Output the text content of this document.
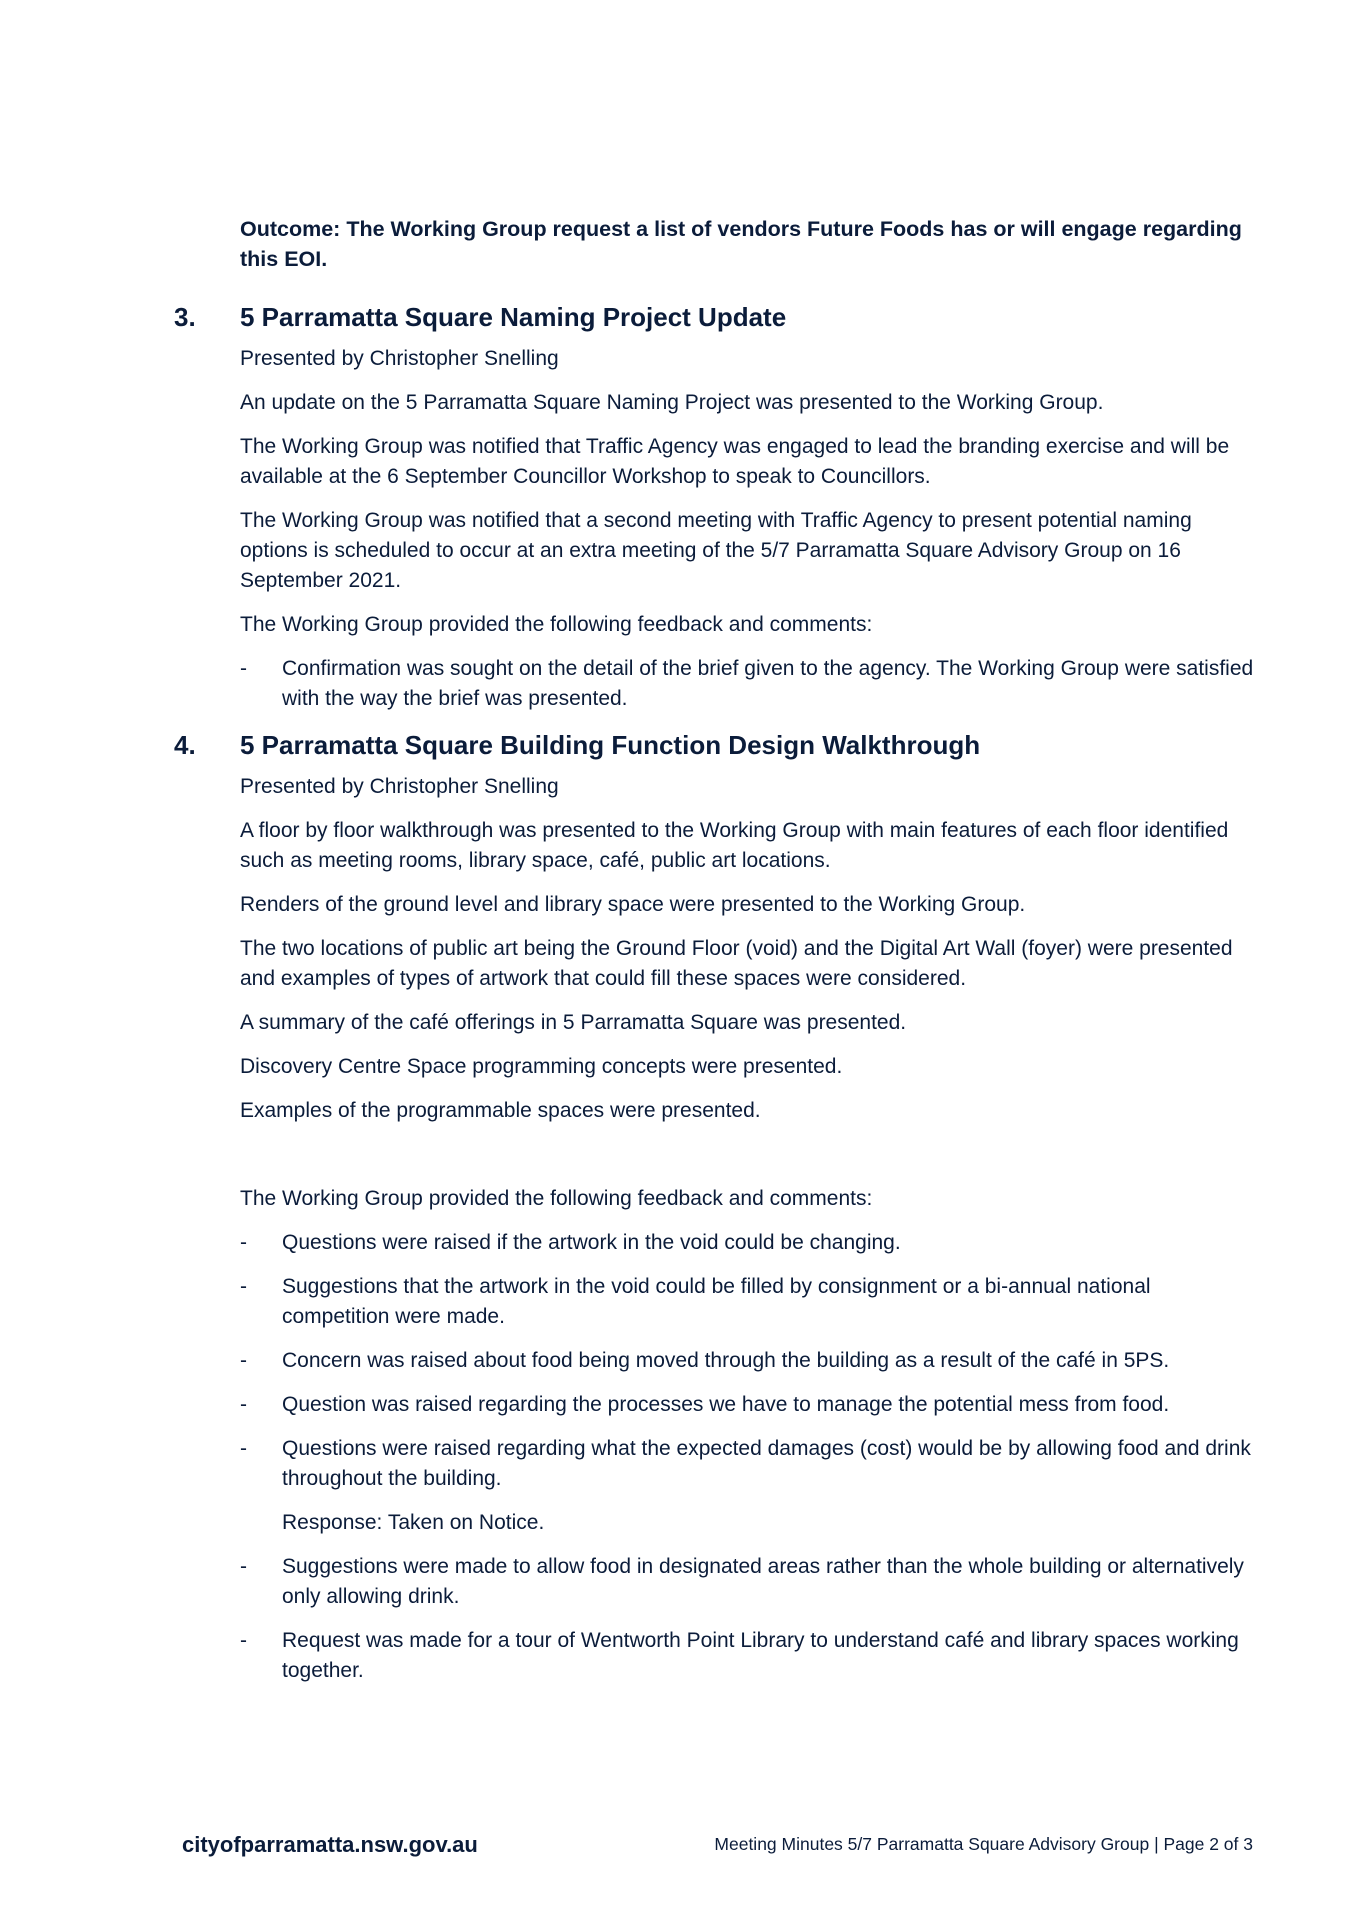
Outcome: The Working Group request a list of vendors Future Foods has or will engage regarding this EOI.

3. 5 Parramatta Square Naming Project Update

Presented by Christopher Snelling

An update on the 5 Parramatta Square Naming Project was presented to the Working Group.

The Working Group was notified that Traffic Agency was engaged to lead the branding exercise and will be available at the 6 September Councillor Workshop to speak to Councillors.

The Working Group was notified that a second meeting with Traffic Agency to present potential naming options is scheduled to occur at an extra meeting of the 5/7 Parramatta Square Advisory Group on 16 September 2021.

The Working Group provided the following feedback and comments:

- Confirmation was sought on the detail of the brief given to the agency. The Working Group were satisfied with the way the brief was presented.
4. 5 Parramatta Square Building Function Design Walkthrough

Presented by Christopher Snelling

A floor by floor walkthrough was presented to the Working Group with main features of each floor identified such as meeting rooms, library space, café, public art locations.

Renders of the ground level and library space were presented to the Working Group.

The two locations of public art being the Ground Floor (void) and the Digital Art Wall (foyer) were presented and examples of types of artwork that could fill these spaces were considered.

A summary of the café offerings in 5 Parramatta Square was presented.

Discovery Centre Space programming concepts were presented.

Examples of the programmable spaces were presented.

The Working Group provided the following feedback and comments:

- Questions were raised if the artwork in the void could be changing.
- Suggestions that the artwork in the void could be filled by consignment or a bi-annual national competition were made.
- Concern was raised about food being moved through the building as a result of the café in 5PS.
- Question was raised regarding the processes we have to manage the potential mess from food.
- Questions were raised regarding what the expected damages (cost) would be by allowing food and drink throughout the building.
Response: Taken on Notice.
- Suggestions were made to allow food in designated areas rather than the whole building or alternatively only allowing drink.
- Request was made for a tour of Wentworth Point Library to understand café and library spaces working together.
cityofparramatta.nsw.gov.au	Meeting Minutes 5/7 Parramatta Square Advisory Group | Page 2 of 3
